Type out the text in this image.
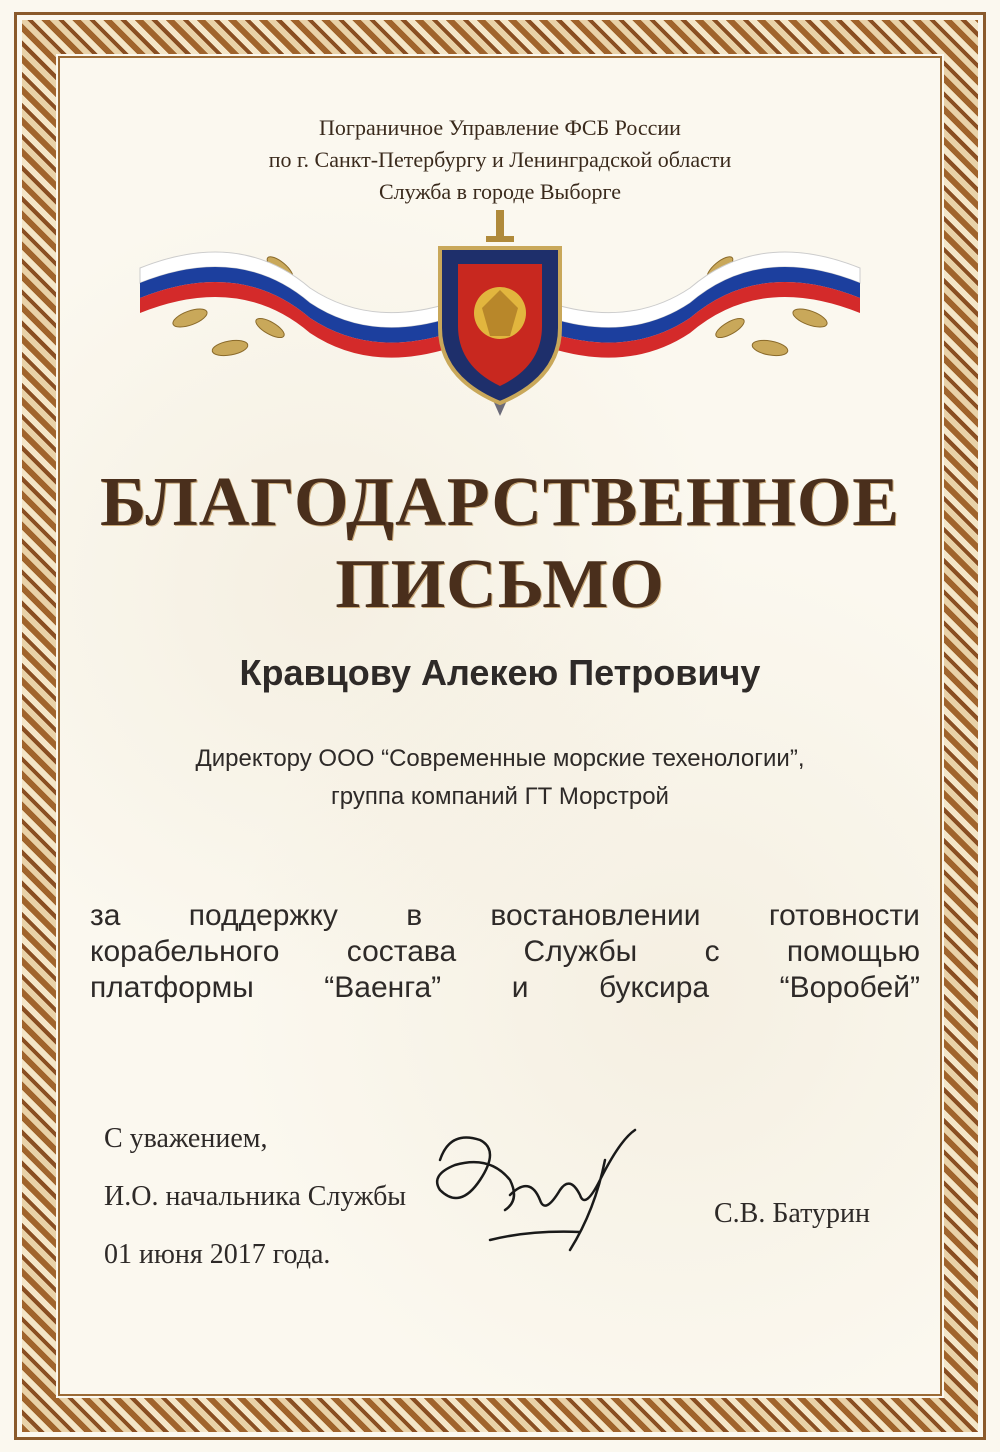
Пограничное Управление ФСБ России
по г. Санкт-Петербургу и Ленинградской области
Служба в городе Выборге
БЛАГОДАРСТВЕННОЕ
ПИСЬМО
Кравцову Алекею Петровичу
Директору ООО “Современные морские техенологии”,
группа компаний ГТ Морстрой
за поддержку в востановлении готовности
корабельного состава Службы с помощью
платформы “Ваенга” и буксира “Воробей”
С уважением,
И.О. начальника Службы
01 июня 2017 года.
С.В. Батурин
